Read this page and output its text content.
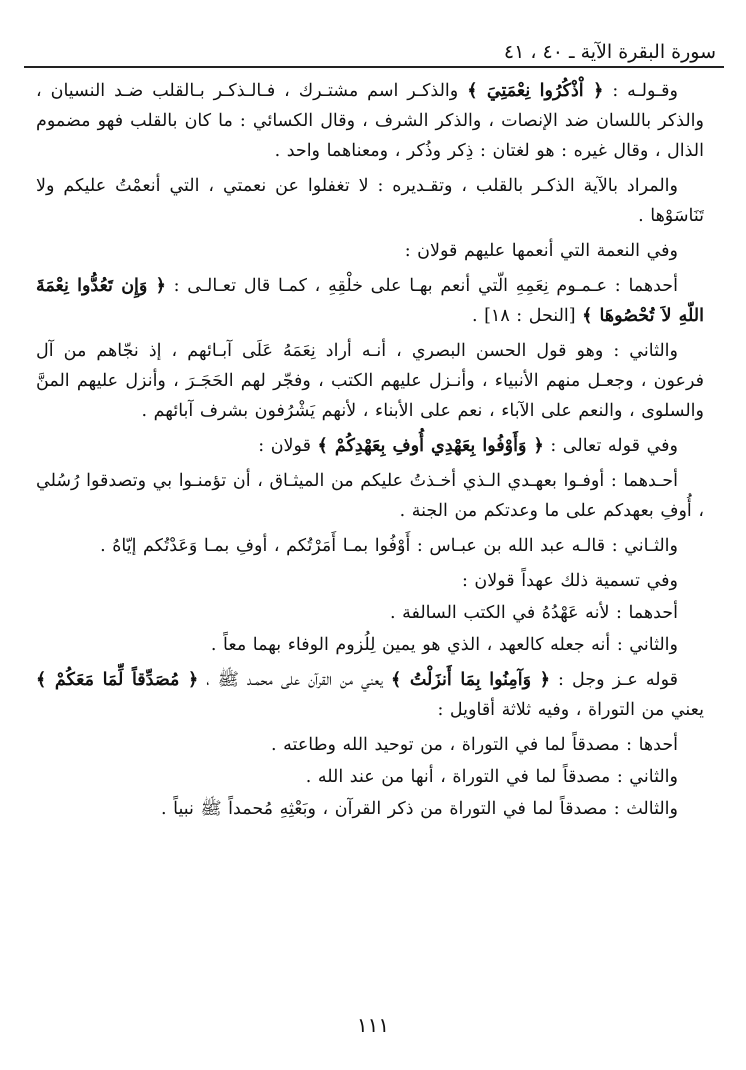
سورة البقرة الآية ـ ٤٠ ، ٤١

وقـولـه : ﴿ اْذْكُرُوا نِعْمَتِيَ ﴾ والذكـر اسم مشتـرك ، فـالـذكـر بـالقلب ضـد النسيان ، والذكر باللسان ضد الإنصات ، والذكر الشرف ، وقال الكسائي : ما كان بالقلب فهو مضموم الذال ، وقال غيره : هو لغتان : ذِكر وذُكر ، ومعناهما واحد .

والمراد بالآية الذكـر بالقلب ، وتقـديره : لا تغفلوا عن نعمتي ، التي أنعمْتُ عليكم ولا تَنَاسَوْها .

وفي النعمة التي أنعمها عليهم قولان :

أحدهما : عـمـوم نِعَمِهِ الّتي أنعم بهـا على خلْقِهِ ، كمـا قال تعـالـى : ﴿ وَإِن تَعُدُّوا نِعْمَةَ اللّهِ لاَ تُحْصُوهَا ﴾ [النحل : ١٨] .

والثاني : وهو قول الحسن البصري ، أنـه أراد نِعَمَهُ عَلَى آبـائهم ، إذ نجّاهم من آل فرعون ، وجعـل منهم الأنبياء ، وأنـزل عليهم الكتب ، وفجّر لهم الحَجَـرَ ، وأنزل عليهم المنَّ والسلوى ، والنعم على الآباء ، نعم على الأبناء ، لأنهم يَشْرُفون بشرف آبائهم .

وفي قوله تعالى : ﴿ وَأَوْفُوا بِعَهْدِي أُوفِ بِعَهْدِكُمْ ﴾ قولان :

أحـدهما : أوفـوا بعهـدي الـذي أخـذتُ عليكم من الميثـاق ، أن تؤمنـوا بي وتصدقوا رُسُلي ، أُوفِ بعهدكم على ما وعدتكم من الجنة .

والثـاني : قالـه عبد الله بن عبـاس : أَوْفُوا بمـا أَمَرْتُكم ، أوفِ بمـا وَعَدْتُكم إيّاهُ .

وفي تسمية ذلك عهداً قولان :

أحدهما : لأنه عَهْدُهُ في الكتب السالفة .

والثاني : أنه جعله كالعهد ، الذي هو يمين لِلُزوم الوفاء بهما معاً .

قوله عـز وجل : ﴿ وَآمِنُوا بِمَا أَنزَلْتُ ﴾ يعني من القرآن على محمـد ﷺ ، ﴿ مُصَدِّقاً لِّمَا مَعَكُمْ ﴾ يعني من التوراة ، وفيه ثلاثة أقاويل :

أحدها : مصدقاً لما في التوراة ، من توحيد الله وطاعته .

والثاني : مصدقاً لما في التوراة ، أنها من عند الله .

والثالث : مصدقاً لما في التوراة من ذكر القرآن ، وبَعْثِهِ مُحمداً ﷺ نبياً .

١١١
